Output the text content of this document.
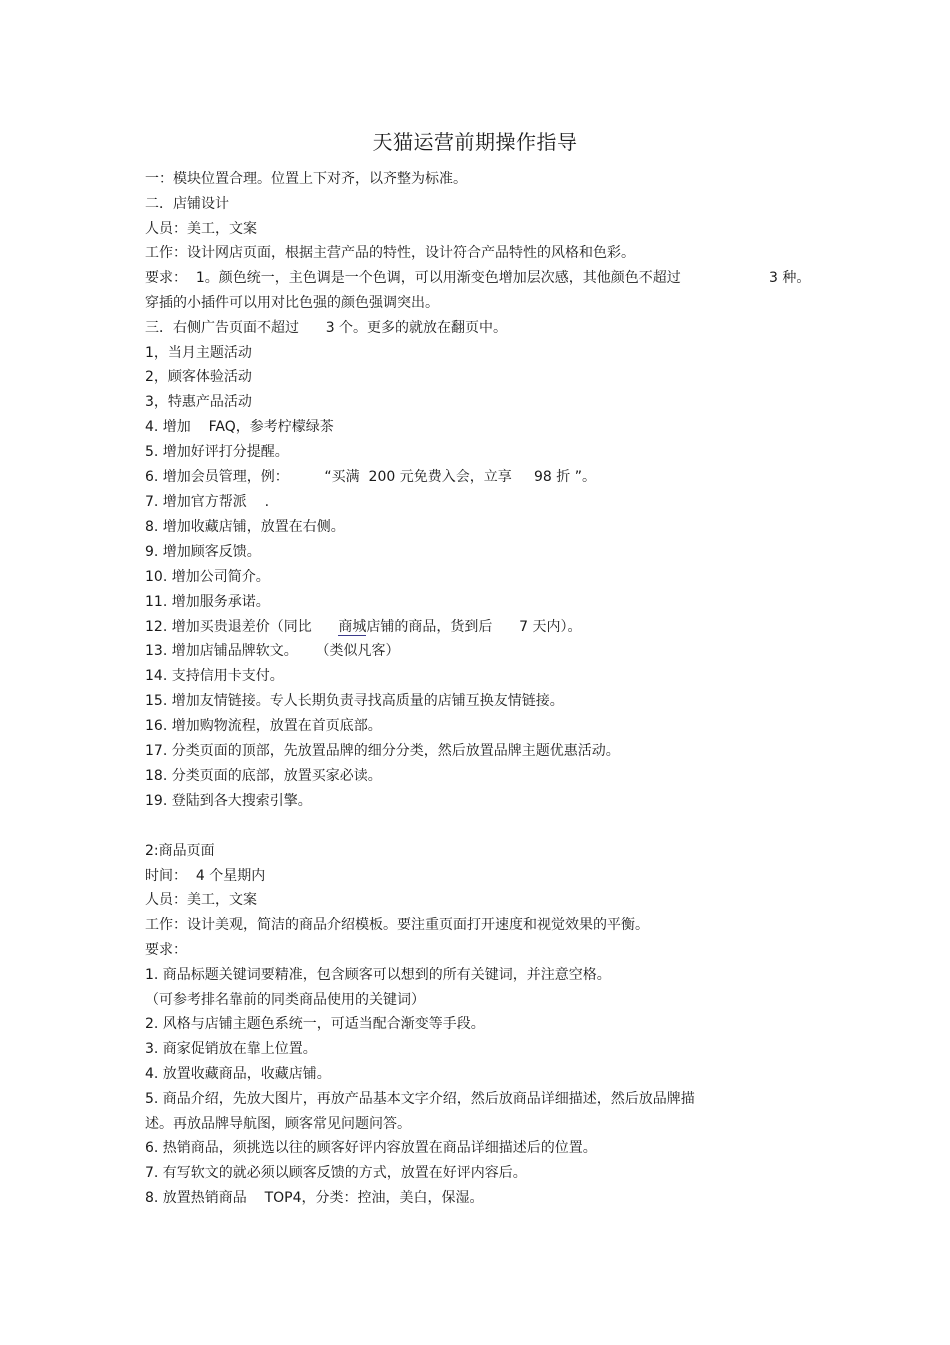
天猫运营前期操作指导
一：模块位置合理。位置上下对齐，以齐整为标准。
二．店铺设计
人员：美工，文案
工作：设计网店页面，根据主营产品的特性，设计符合产品特性的风格和色彩。
要求：  1。颜色统一，主色调是一个色调，可以用渐变色增加层次感，其他颜色不超过	3 种。
穿插的小插件可以用对比色强的颜色强调突出。
三．右侧广告页面不超过      3 个。更多的就放在翻页中。
1，当月主题活动
2，顾客体验活动
3，特惠产品活动
4. 增加    FAQ，参考柠檬绿茶
5. 增加好评打分提醒。
6. 增加会员管理，例：        “买满  200 元免费入会，立享     98 折 ”。
7. 增加官方帮派    .
8. 增加收藏店铺，放置在右侧。
9. 增加顾客反馈。
10. 增加公司简介。
11. 增加服务承诺。
12. 增加买贵退差价（同比      商城店铺的商品，货到后      7 天内）。
13. 增加店铺品牌软文。    （类似凡客）
14. 支持信用卡支付。
15. 增加友情链接。专人长期负责寻找高质量的店铺互换友情链接。
16. 增加购物流程，放置在首页底部。
17. 分类页面的顶部，先放置品牌的细分分类，然后放置品牌主题优惠活动。
18. 分类页面的底部，放置买家必读。
19. 登陆到各大搜索引擎。
2:商品页面
时间：  4 个星期内
人员：美工，文案
工作：设计美观，简洁的商品介绍模板。要注重页面打开速度和视觉效果的平衡。
要求：
1. 商品标题关键词要精准，包含顾客可以想到的所有关键词，并注意空格。
（可参考排名靠前的同类商品使用的关键词）
2. 风格与店铺主题色系统一，可适当配合渐变等手段。
3. 商家促销放在靠上位置。
4. 放置收藏商品，收藏店铺。
5. 商品介绍，先放大图片，再放产品基本文字介绍，然后放商品详细描述，然后放品牌描
述。再放品牌导航图，顾客常见问题问答。
6. 热销商品，须挑选以往的顾客好评内容放置在商品详细描述后的位置。
7. 有写软文的就必须以顾客反馈的方式，放置在好评内容后。
8. 放置热销商品    TOP4，分类：控油，美白，保湿。
